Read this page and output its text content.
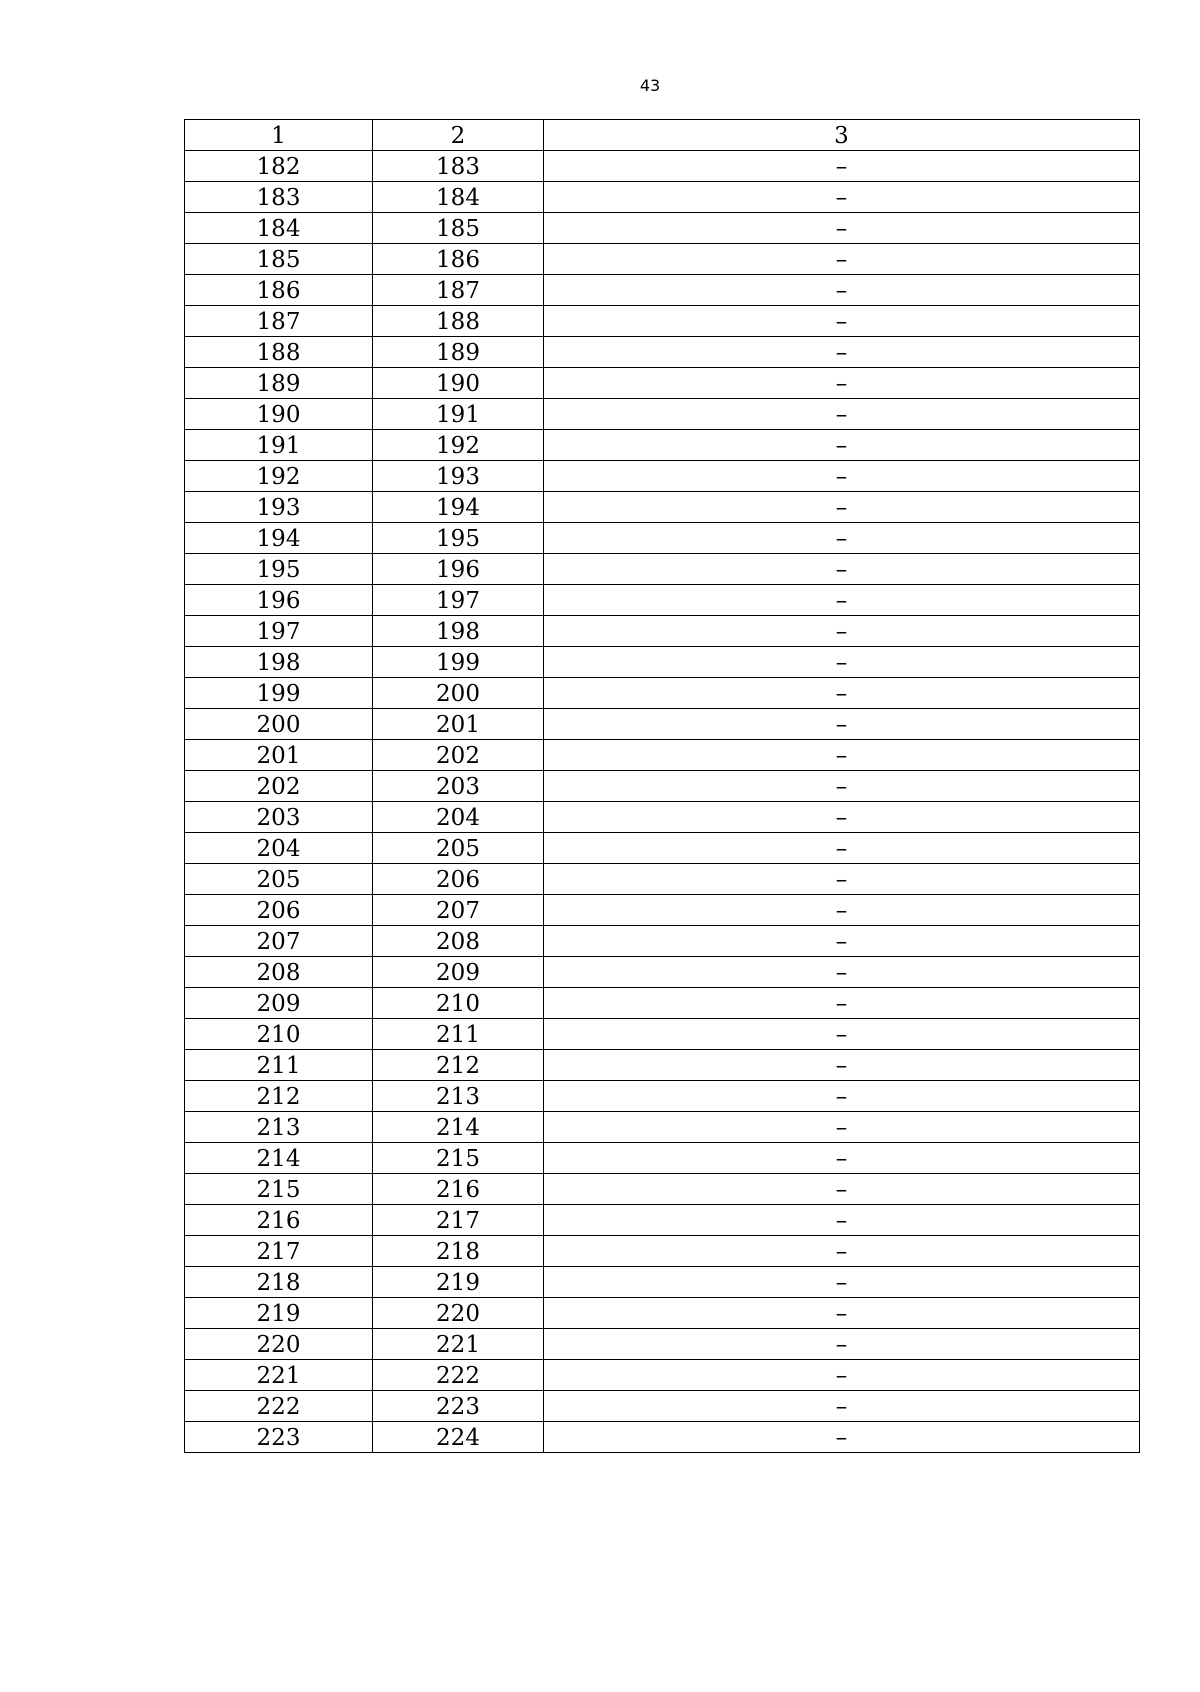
43
1	2	3
182	183	–
183	184	–
184	185	–
185	186	–
186	187	–
187	188	–
188	189	–
189	190	–
190	191	–
191	192	–
192	193	–
193	194	–
194	195	–
195	196	–
196	197	–
197	198	–
198	199	–
199	200	–
200	201	–
201	202	–
202	203	–
203	204	–
204	205	–
205	206	–
206	207	–
207	208	–
208	209	–
209	210	–
210	211	–
211	212	–
212	213	–
213	214	–
214	215	–
215	216	–
216	217	–
217	218	–
218	219	–
219	220	–
220	221	–
221	222	–
222	223	–
223	224	–
